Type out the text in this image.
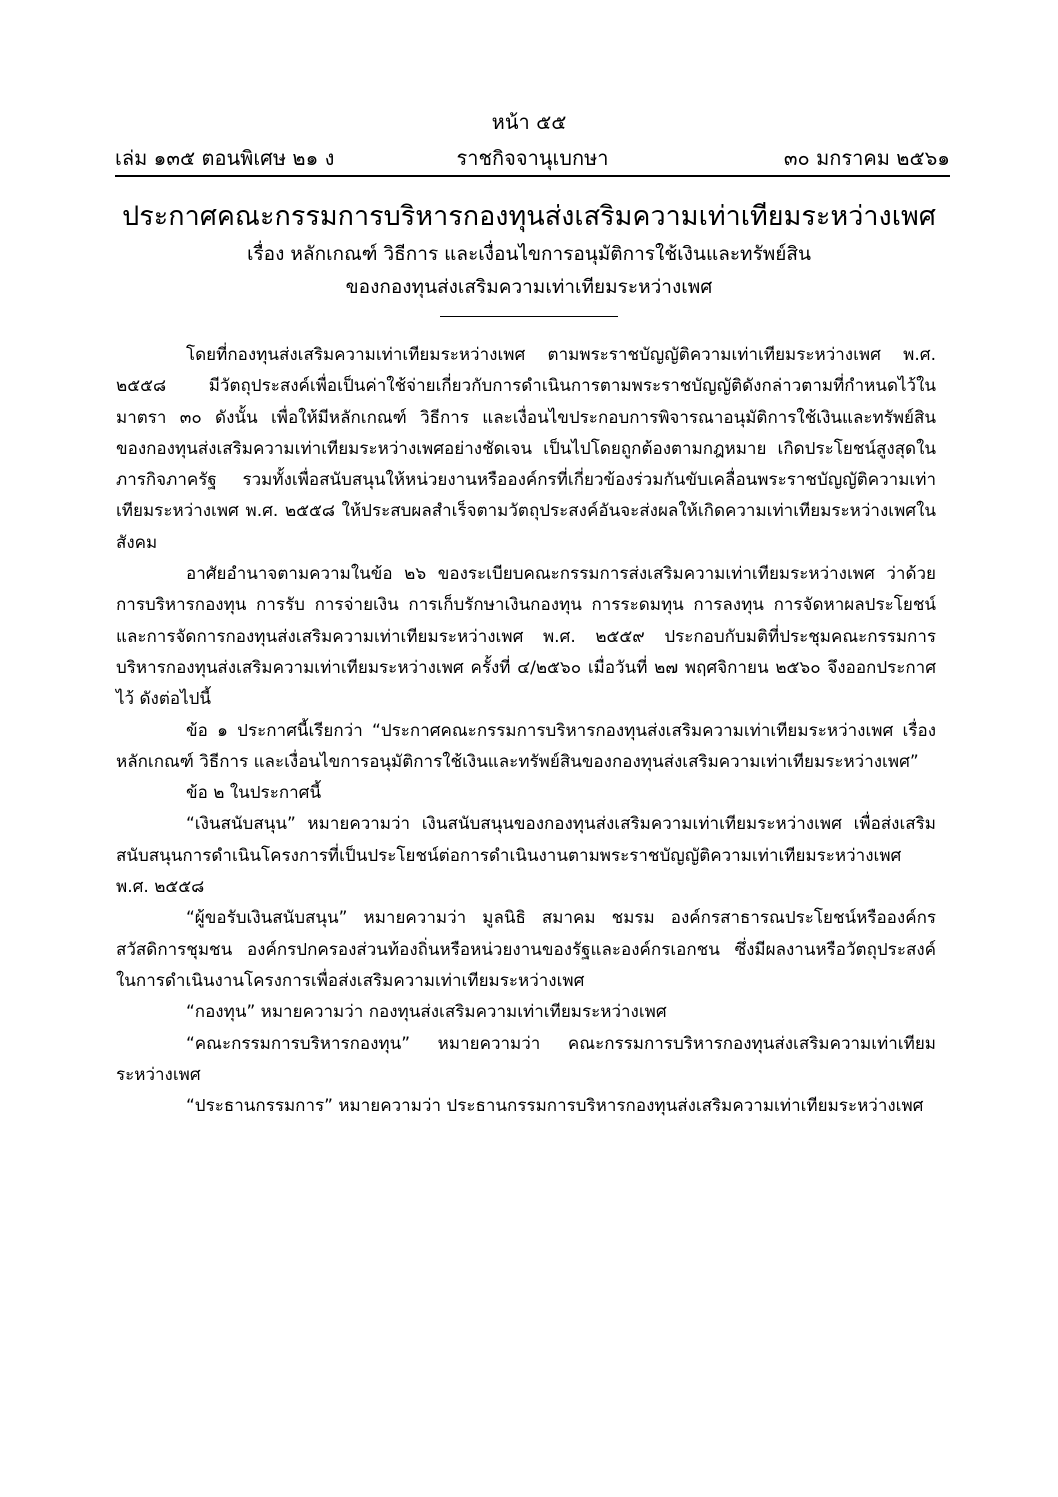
หน้า ๕๕
ราชกิจจานุเบกษา
เล่ม ๑๓๕ ตอนพิเศษ ๒๑ ง	๓๐ มกราคม ๒๕๖๑
ประกาศคณะกรรมการบริหารกองทุนส่งเสริมความเท่าเทียมระหว่างเพศ
เรื่อง หลักเกณฑ์ วิธีการ และเงื่อนไขการอนุมัติการใช้เงินและทรัพย์สิน
ของกองทุนส่งเสริมความเท่าเทียมระหว่างเพศ

โดยที่กองทุนส่งเสริมความเท่าเทียมระหว่างเพศ ตามพระราชบัญญัติความเท่าเทียมระหว่างเพศ พ.ศ. ๒๕๕๘ มีวัตถุประสงค์เพื่อเป็นค่าใช้จ่ายเกี่ยวกับการดำเนินการตามพระราชบัญญัติดังกล่าวตามที่กำหนดไว้ในมาตรา ๓๐ ดังนั้น เพื่อให้มีหลักเกณฑ์ วิธีการ และเงื่อนไขประกอบการพิจารณาอนุมัติการใช้เงินและทรัพย์สินของกองทุนส่งเสริมความเท่าเทียมระหว่างเพศอย่างชัดเจน เป็นไปโดยถูกต้องตามกฎหมาย เกิดประโยชน์สูงสุดในภารกิจภาครัฐ รวมทั้งเพื่อสนับสนุนให้หน่วยงานหรือองค์กรที่เกี่ยวข้องร่วมกันขับเคลื่อนพระราชบัญญัติความเท่าเทียมระหว่างเพศ พ.ศ. ๒๕๕๘ ให้ประสบผลสำเร็จตามวัตถุประสงค์อันจะส่งผลให้เกิดความเท่าเทียมระหว่างเพศในสังคม

อาศัยอำนาจตามความในข้อ ๒๖ ของระเบียบคณะกรรมการส่งเสริมความเท่าเทียมระหว่างเพศ ว่าด้วยการบริหารกองทุน การรับ การจ่ายเงิน การเก็บรักษาเงินกองทุน การระดมทุน การลงทุน การจัดหาผลประโยชน์ และการจัดการกองทุนส่งเสริมความเท่าเทียมระหว่างเพศ พ.ศ. ๒๕๕๙ ประกอบกับมติที่ประชุมคณะกรรมการบริหารกองทุนส่งเสริมความเท่าเทียมระหว่างเพศ ครั้งที่ ๔/๒๕๖๐ เมื่อวันที่ ๒๗ พฤศจิกายน ๒๕๖๐ จึงออกประกาศไว้ ดังต่อไปนี้

ข้อ ๑ ประกาศนี้เรียกว่า “ประกาศคณะกรรมการบริหารกองทุนส่งเสริมความเท่าเทียมระหว่างเพศ เรื่อง หลักเกณฑ์ วิธีการ และเงื่อนไขการอนุมัติการใช้เงินและทรัพย์สินของกองทุนส่งเสริมความเท่าเทียมระหว่างเพศ”

ข้อ ๒ ในประกาศนี้

“เงินสนับสนุน” หมายความว่า เงินสนับสนุนของกองทุนส่งเสริมความเท่าเทียมระหว่างเพศ เพื่อส่งเสริมสนับสนุนการดำเนินโครงการที่เป็นประโยชน์ต่อการดำเนินงานตามพระราชบัญญัติความเท่าเทียมระหว่างเพศ พ.ศ. ๒๕๕๘

“ผู้ขอรับเงินสนับสนุน” หมายความว่า มูลนิธิ สมาคม ชมรม องค์กรสาธารณประโยชน์หรือองค์กรสวัสดิการชุมชน องค์กรปกครองส่วนท้องถิ่นหรือหน่วยงานของรัฐและองค์กรเอกชน ซึ่งมีผลงานหรือวัตถุประสงค์ในการดำเนินงานโครงการเพื่อส่งเสริมความเท่าเทียมระหว่างเพศ

“กองทุน” หมายความว่า กองทุนส่งเสริมความเท่าเทียมระหว่างเพศ

“คณะกรรมการบริหารกองทุน” หมายความว่า คณะกรรมการบริหารกองทุนส่งเสริมความเท่าเทียมระหว่างเพศ

“ประธานกรรมการ” หมายความว่า ประธานกรรมการบริหารกองทุนส่งเสริมความเท่าเทียมระหว่างเพศ
